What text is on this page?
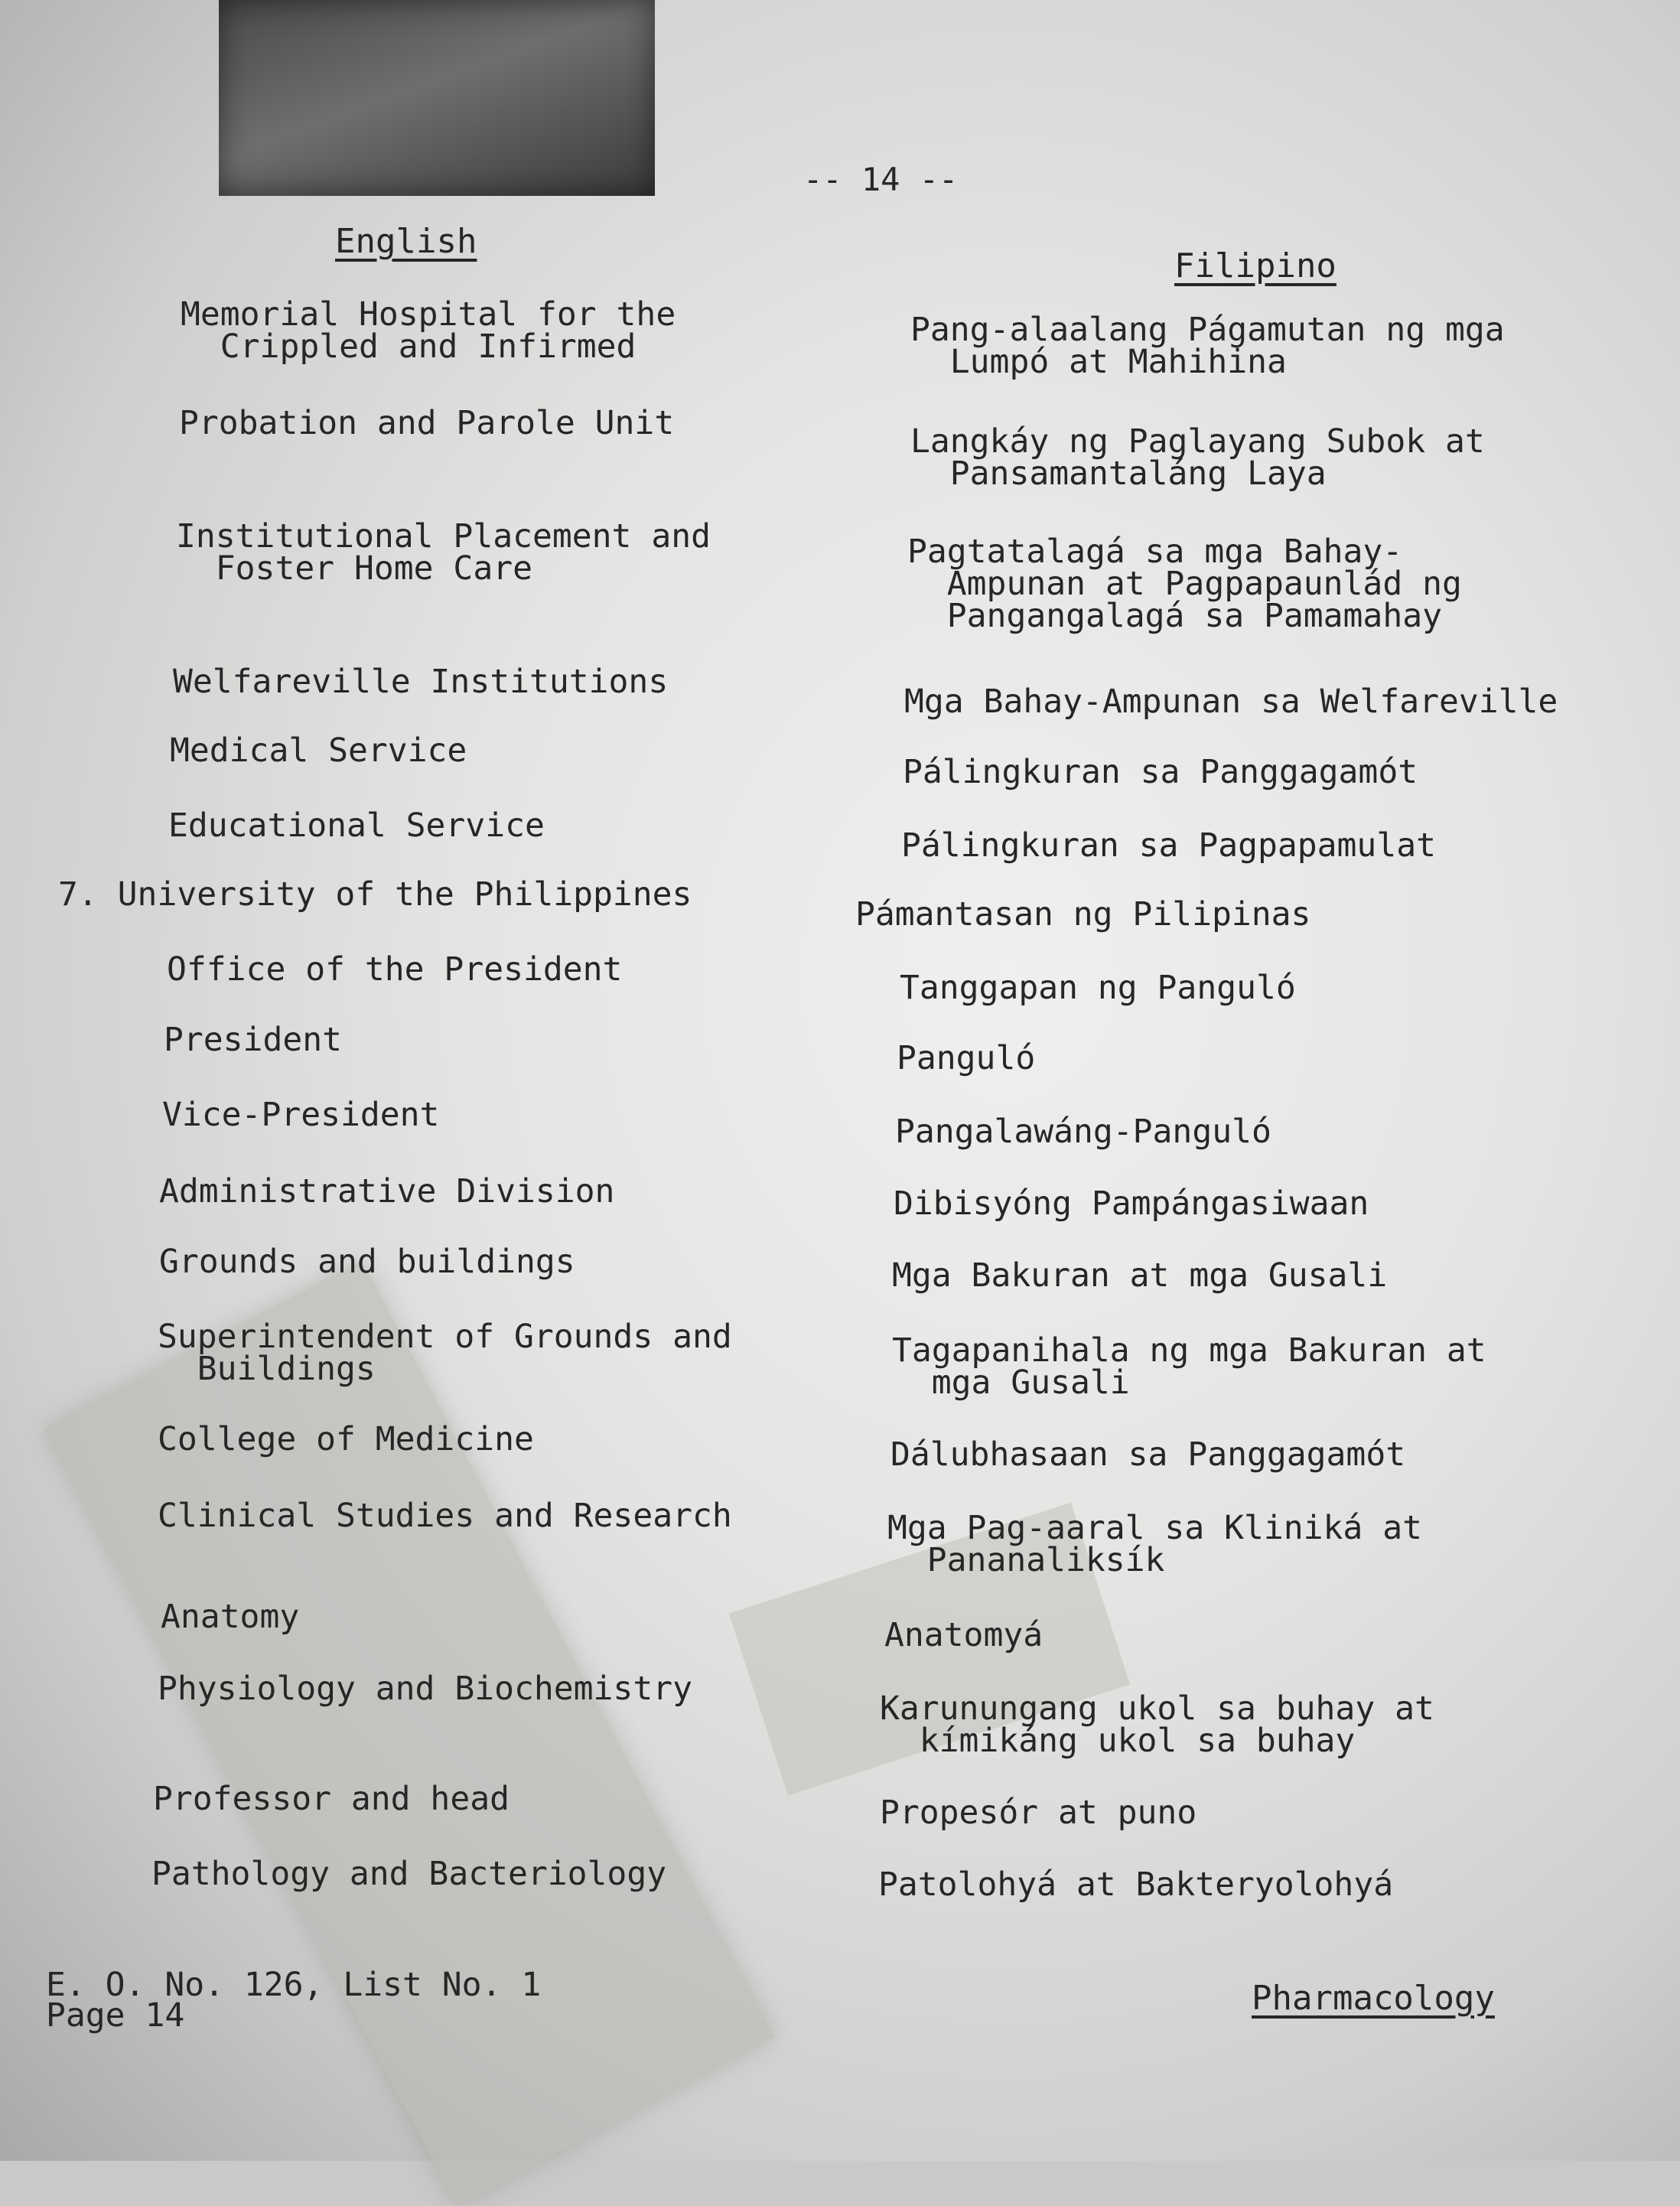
-- 14 --
English
Filipino
Memorial Hospital for the
Crippled and Infirmed
Probation and Parole Unit
Institutional Placement and
Foster Home Care
Welfareville Institutions
Medical Service
Educational Service
7. University of the Philippines
Office of the President
President
Vice-President
Administrative Division
Grounds and buildings
Superintendent of Grounds and
Buildings
College of Medicine
Clinical Studies and Research
Anatomy
Physiology and Biochemistry
Professor and head
Pathology and Bacteriology
Pang-alaalang Págamutan ng mga
Lumpó at Mahihina
Langkáy ng Paglayang Subok at
Pansamantaláng Laya
Pagtatalagá sa mga Bahay-
Ampunan at Pagpapaunlád ng
Pangangalagá sa Pamamahay
Mga Bahay-Ampunan sa Welfareville
Pálingkuran sa Panggagamót
Pálingkuran sa Pagpapamulat
Pámantasan ng Pilipinas
Tanggapan ng Panguló
Panguló
Pangalawáng-Panguló
Dibisyóng Pampángasiwaan
Mga Bakuran at mga Gusali
Tagapanihala ng mga Bakuran at
mga Gusali
Dálubhasaan sa Panggagamót
Mga Pag-aaral sa Kliniká at
Pananaliksík
Anatomyá
Karunungang ukol sa buhay at
kímikáng ukol sa buhay
Propesór at puno
Patolohyá at Bakteryolohyá
E. O. No. 126, List No. 1
Page 14	Pharmacology
